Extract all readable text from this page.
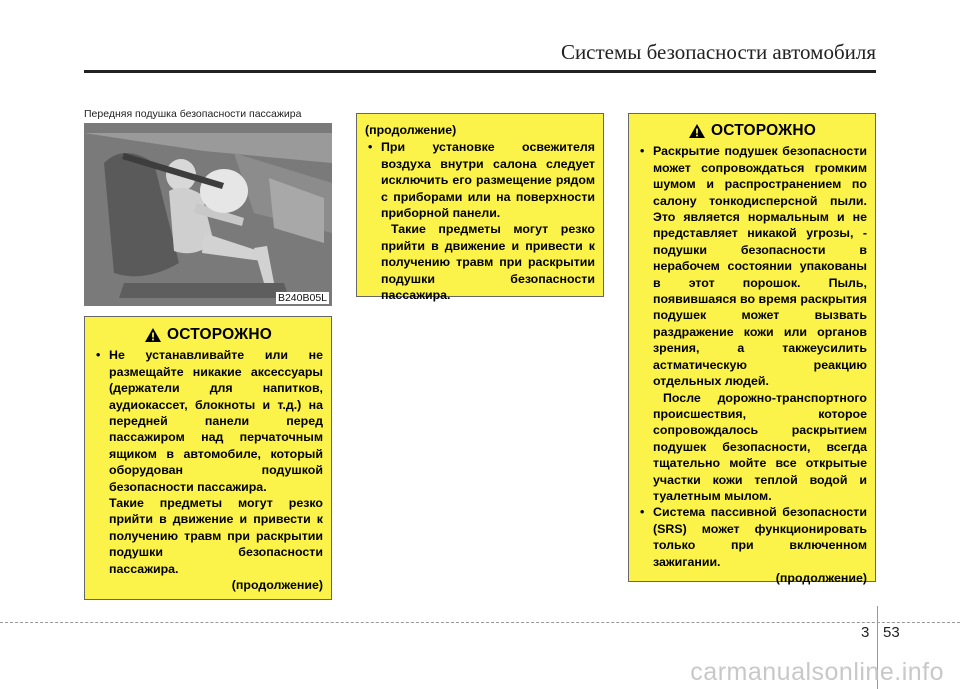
Системы безопасности автомобиля
Передняя подушка безопасности пассажира
B240B05L
ОСТОРОЖНО
• Не устанавливайте или не размещайте никакие аксессуары (держатели для напитков, аудиокассет, блокноты и т.д.) на передней панели перед пассажиром над перчаточным ящиком в автомобиле, который оборудован подушкой безопасности пассажира.
Такие предметы могут резко прийти в движение и привести к получению травм при раскрытии подушки безопасности пассажира.
(продолжение)
(продолжение)
• При установке освежителя воздуха внутри салона следует исключить его размещение рядом с приборами или на поверхности приборной панели.
Такие предметы могут резко прийти в движение и привести к получению травм при раскрытии подушки безопасности пассажира.
ОСТОРОЖНО
• Раскрытие подушек безопасности может сопровождаться громким шумом и распространением по салону тонкодисперсной пыли. Это является нормальным и не представляет никакой угрозы, - подушки безопасности в нерабочем состоянии упакованы в этот порошок. Пыль, появившаяся во время раскрытия подушек может вызвать раздражение кожи или органов зрения, а такжеусилить астматическую реакцию отдельных людей.
После дорожно-транспортного происшествия, которое сопровождалось раскрытием подушек безопасности, всегда тщательно мойте все открытые участки кожи теплой водой и туалетным мылом.
• Система пассивной безопасности (SRS) может функционировать только при включенном зажигании.
(продолжение)
3 53
carmanualsonline.info
